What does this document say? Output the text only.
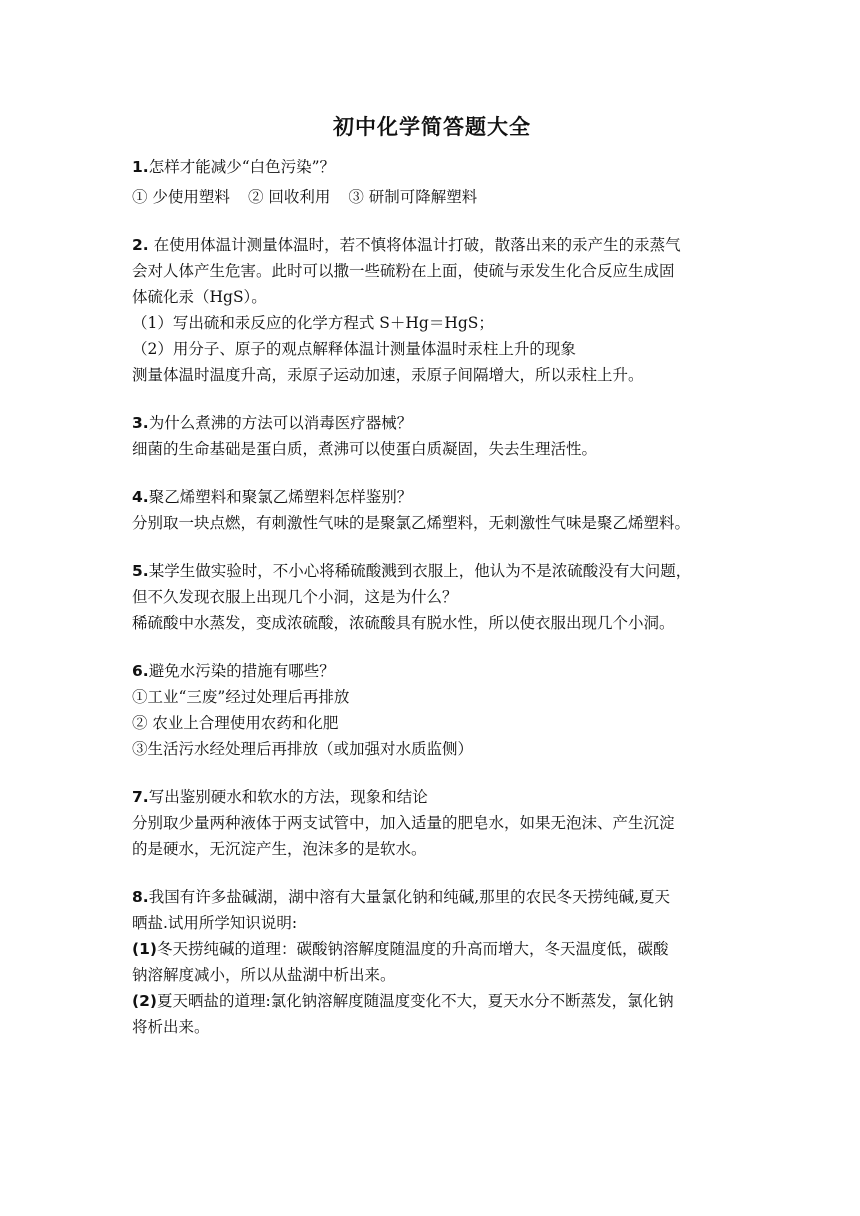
初中化学简答题大全
1.怎样才能减少“白色污染”？
① 少使用塑料 ② 回收利用 ③ 研制可降解塑料
2. 在使用体温计测量体温时，若不慎将体温计打破，散落出来的汞产生的汞蒸气
会对人体产生危害。此时可以撒一些硫粉在上面，使硫与汞发生化合反应生成固
体硫化汞（HgS）。
（1）写出硫和汞反应的化学方程式 S＋Hg＝HgS；
（2）用分子、原子的观点解释体温计测量体温时汞柱上升的现象
测量体温时温度升高，汞原子运动加速，汞原子间隔增大，所以汞柱上升。
3.为什么煮沸的方法可以消毒医疗器械？
细菌的生命基础是蛋白质，煮沸可以使蛋白质凝固，失去生理活性。
4.聚乙烯塑料和聚氯乙烯塑料怎样鉴别？
分别取一块点燃，有刺激性气味的是聚氯乙烯塑料，无刺激性气味是聚乙烯塑料。
5.某学生做实验时，不小心将稀硫酸溅到衣服上，他认为不是浓硫酸没有大问题，
但不久发现衣服上出现几个小洞，这是为什么？
稀硫酸中水蒸发，变成浓硫酸，浓硫酸具有脱水性，所以使衣服出现几个小洞。
6.避免水污染的措施有哪些？
①工业“三废”经过处理后再排放
② 农业上合理使用农药和化肥
③生活污水经处理后再排放（或加强对水质监侧）
7.写出鉴别硬水和软水的方法，现象和结论
分别取少量两种液体于两支试管中，加入适量的肥皂水，如果无泡沫、产生沉淀
的是硬水，无沉淀产生，泡沫多的是软水。
8.我国有许多盐碱湖，湖中溶有大量氯化钠和纯碱,那里的农民冬天捞纯碱,夏天
晒盐.试用所学知识说明:
(1)冬天捞纯碱的道理：碳酸钠溶解度随温度的升高而增大，冬天温度低，碳酸
钠溶解度减小，所以从盐湖中析出来。
(2)夏天晒盐的道理:氯化钠溶解度随温度变化不大，夏天水分不断蒸发，氯化钠
将析出来。
